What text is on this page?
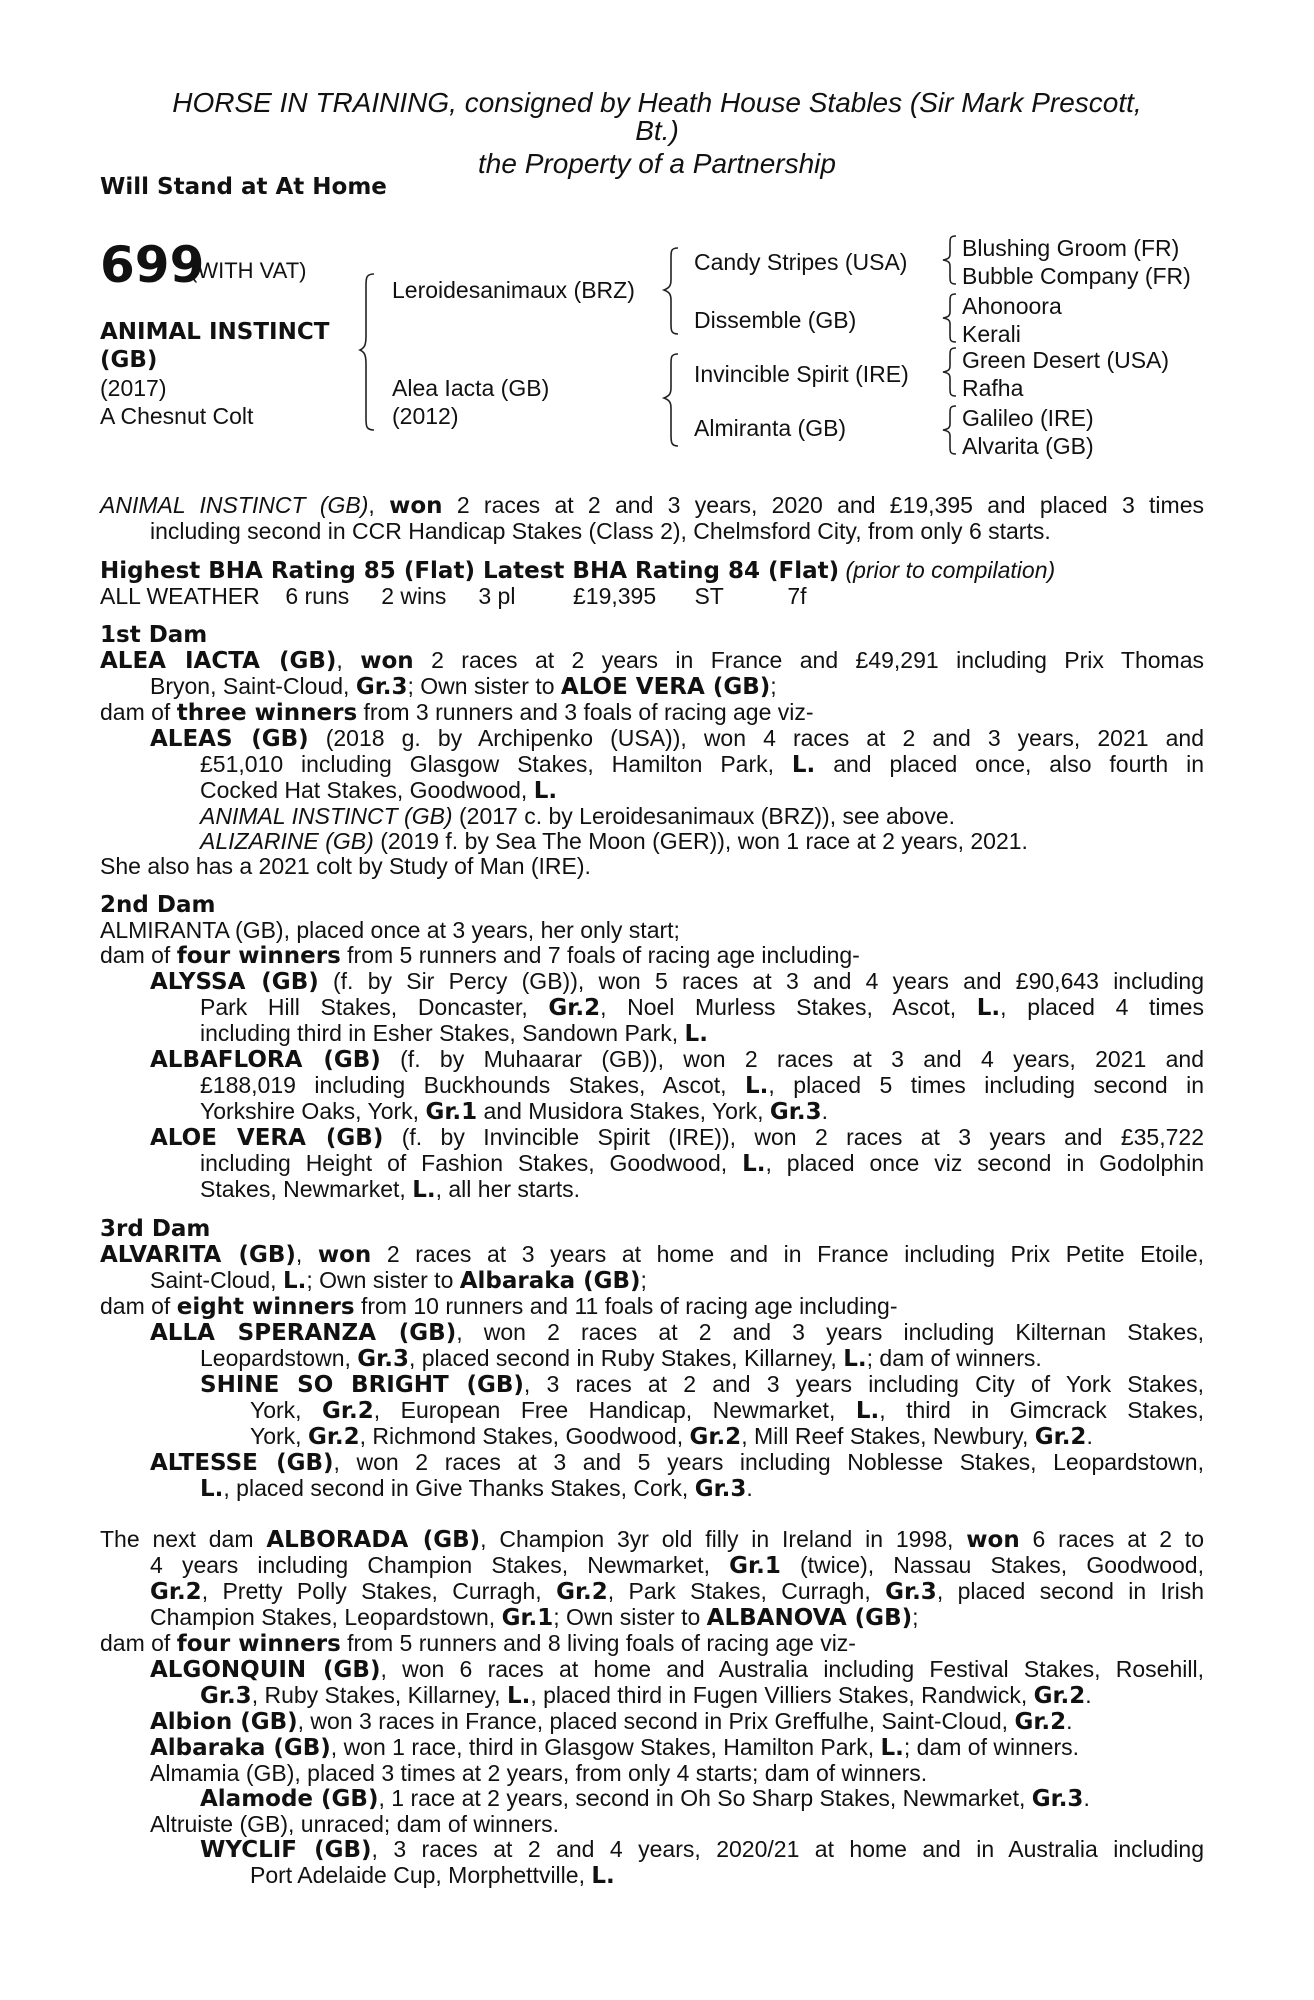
HORSE IN TRAINING, consigned by Heath House Stables (Sir Mark Prescott,
Bt.)
the Property of a Partnership
Will Stand at At Home
699
(WITH VAT)
ANIMAL INSTINCT
(GB)
(2017)
A Chesnut Colt
Leroidesanimaux (BRZ)
Alea Iacta (GB)
(2012)
Candy Stripes (USA)
Dissemble (GB)
Invincible Spirit (IRE)
Almiranta (GB)
Blushing Groom (FR)
Bubble Company (FR)
Ahonoora
Kerali
Green Desert (USA)
Rafha
Galileo (IRE)
Alvarita (GB)

ANIMAL INSTINCT (GB), won 2 races at 2 and 3 years, 2020 and £19,395 and placed 3 times

including second in CCR Handicap Stakes (Class 2), Chelmsford City, from only 6 starts.

Highest BHA Rating 85 (Flat) Latest BHA Rating 84 (Flat) (prior to compilation)

ALL WEATHER 6 runs 2 wins 3 pl	£19,395 ST	7f

1st Dam

ALEA IACTA (GB), won 2 races at 2 years in France and £49,291 including Prix Thomas

Bryon, Saint-Cloud, Gr.3; Own sister to ALOE VERA (GB);

dam of three winners from 3 runners and 3 foals of racing age viz-

ALEAS (GB) (2018 g. by Archipenko (USA)), won 4 races at 2 and 3 years, 2021 and

£51,010 including Glasgow Stakes, Hamilton Park, L. and placed once, also fourth in

Cocked Hat Stakes, Goodwood, L.

ANIMAL INSTINCT (GB) (2017 c. by Leroidesanimaux (BRZ)), see above.

ALIZARINE (GB) (2019 f. by Sea The Moon (GER)), won 1 race at 2 years, 2021.

She also has a 2021 colt by Study of Man (IRE).

2nd Dam

ALMIRANTA (GB), placed once at 3 years, her only start;

dam of four winners from 5 runners and 7 foals of racing age including-

ALYSSA (GB) (f. by Sir Percy (GB)), won 5 races at 3 and 4 years and £90,643 including

Park Hill Stakes, Doncaster, Gr.2, Noel Murless Stakes, Ascot, L., placed 4 times

including third in Esher Stakes, Sandown Park, L.

ALBAFLORA (GB) (f. by Muhaarar (GB)), won 2 races at 3 and 4 years, 2021 and

£188,019 including Buckhounds Stakes, Ascot, L., placed 5 times including second in

Yorkshire Oaks, York, Gr.1 and Musidora Stakes, York, Gr.3.

ALOE VERA (GB) (f. by Invincible Spirit (IRE)), won 2 races at 3 years and £35,722

including Height of Fashion Stakes, Goodwood, L., placed once viz second in Godolphin

Stakes, Newmarket, L., all her starts.

3rd Dam

ALVARITA (GB), won 2 races at 3 years at home and in France including Prix Petite Etoile,

Saint-Cloud, L.; Own sister to Albaraka (GB);

dam of eight winners from 10 runners and 11 foals of racing age including-

ALLA SPERANZA (GB), won 2 races at 2 and 3 years including Kilternan Stakes,

Leopardstown, Gr.3, placed second in Ruby Stakes, Killarney, L.; dam of winners.

SHINE SO BRIGHT (GB), 3 races at 2 and 3 years including City of York Stakes,

York, Gr.2, European Free Handicap, Newmarket, L., third in Gimcrack Stakes,

York, Gr.2, Richmond Stakes, Goodwood, Gr.2, Mill Reef Stakes, Newbury, Gr.2.

ALTESSE (GB), won 2 races at 3 and 5 years including Noblesse Stakes, Leopardstown,

L., placed second in Give Thanks Stakes, Cork, Gr.3.

The next dam ALBORADA (GB), Champion 3yr old filly in Ireland in 1998, won 6 races at 2 to

4 years including Champion Stakes, Newmarket, Gr.1 (twice), Nassau Stakes, Goodwood,

Gr.2, Pretty Polly Stakes, Curragh, Gr.2, Park Stakes, Curragh, Gr.3, placed second in Irish

Champion Stakes, Leopardstown, Gr.1; Own sister to ALBANOVA (GB);

dam of four winners from 5 runners and 8 living foals of racing age viz-

ALGONQUIN (GB), won 6 races at home and Australia including Festival Stakes, Rosehill,

Gr.3, Ruby Stakes, Killarney, L., placed third in Fugen Villiers Stakes, Randwick, Gr.2.

Albion (GB), won 3 races in France, placed second in Prix Greffulhe, Saint-Cloud, Gr.2.

Albaraka (GB), won 1 race, third in Glasgow Stakes, Hamilton Park, L.; dam of winners.

Almamia (GB), placed 3 times at 2 years, from only 4 starts; dam of winners.

Alamode (GB), 1 race at 2 years, second in Oh So Sharp Stakes, Newmarket, Gr.3.

Altruiste (GB), unraced; dam of winners.

WYCLIF (GB), 3 races at 2 and 4 years, 2020/21 at home and in Australia including

Port Adelaide Cup, Morphettville, L.
